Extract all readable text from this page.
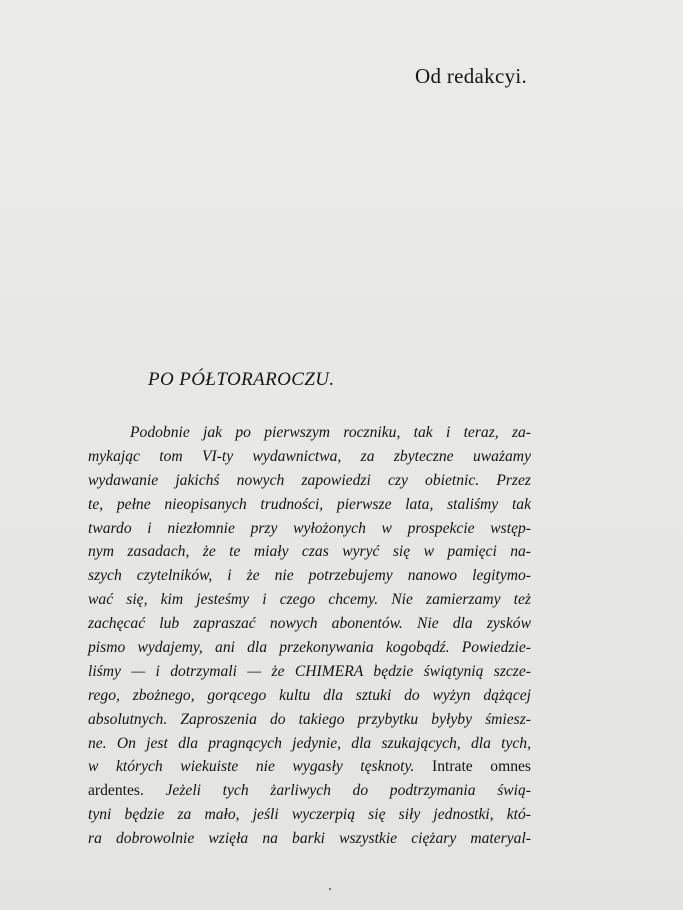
Od redakcyi.
PO PÓŁTORAROCZU.
Podobnie jak po pierwszym roczniku, tak i teraz, za-
mykając tom VI-ty wydawnictwa, za zbyteczne uważamy
wydawanie jakichś nowych zapowiedzi czy obietnic. Przez
te, pełne nieopisanych trudności, pierwsze lata, staliśmy tak
twardo i niezłomnie przy wyłożonych w prospekcie wstęp-
nym zasadach, że te miały czas wyryć się w pamięci na-
szych czytelników, i że nie potrzebujemy nanowo legitymo-
wać się, kim jesteśmy i czego chcemy. Nie zamierzamy też
zachęcać lub zapraszać nowych abonentów. Nie dla zysków
pismo wydajemy, ani dla przekonywania kogobądź. Powiedzie-
liśmy — i dotrzymali — że CHIMERA będzie świątynią szcze-
rego, zbożnego, gorącego kultu dla sztuki do wyżyn dążącej
absolutnych. Zaproszenia do takiego przybytku byłyby śmiesz-
ne. On jest dla pragnących jedynie, dla szukających, dla tych,
w których wiekuiste nie wygasły tęsknoty. Intrate omnes
ardentes. Jeżeli tych żarliwych do podtrzymania świą-
tyni będzie za mało, jeśli wyczerpią się siły jednostki, któ-
ra dobrowolnie wzięła na barki wszystkie ciężary materyal-
